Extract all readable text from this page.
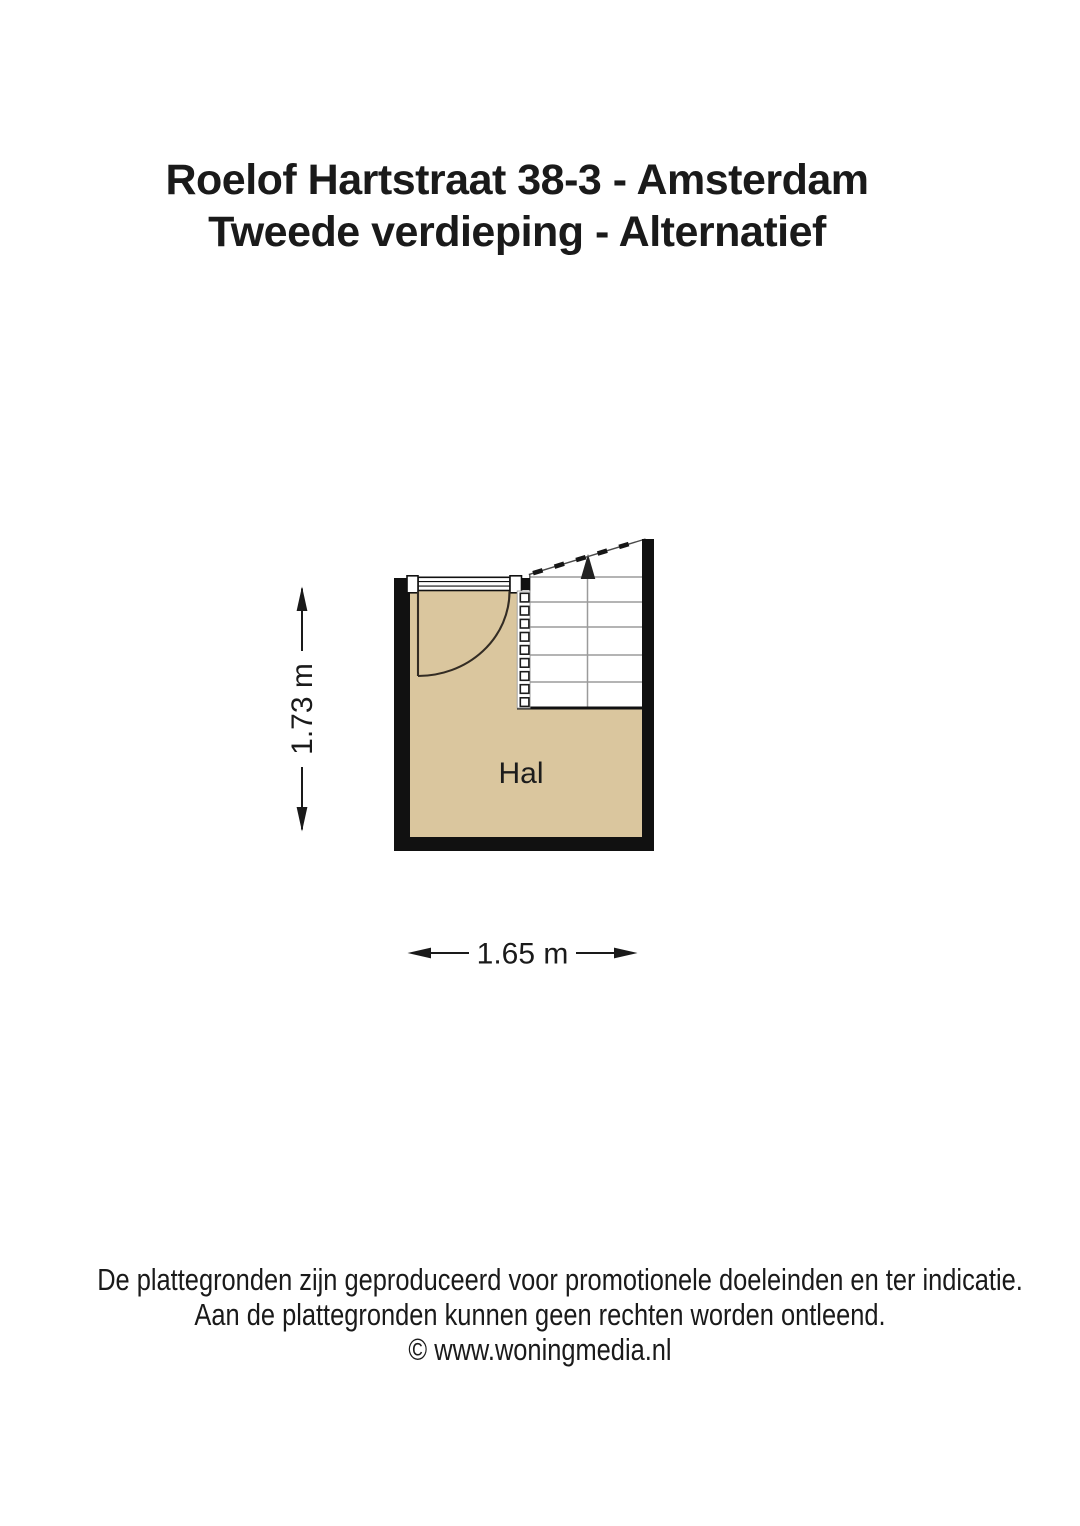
Roelof Hartstraat 38-3 - Amsterdam
Tweede verdieping - Alternatief
Hal
1.73 m
1.65 m
De plattegronden zijn geproduceerd voor promotionele doeleinden en ter indicatie.
Aan de plattegronden kunnen geen rechten worden ontleend.
© www.woningmedia.nl
